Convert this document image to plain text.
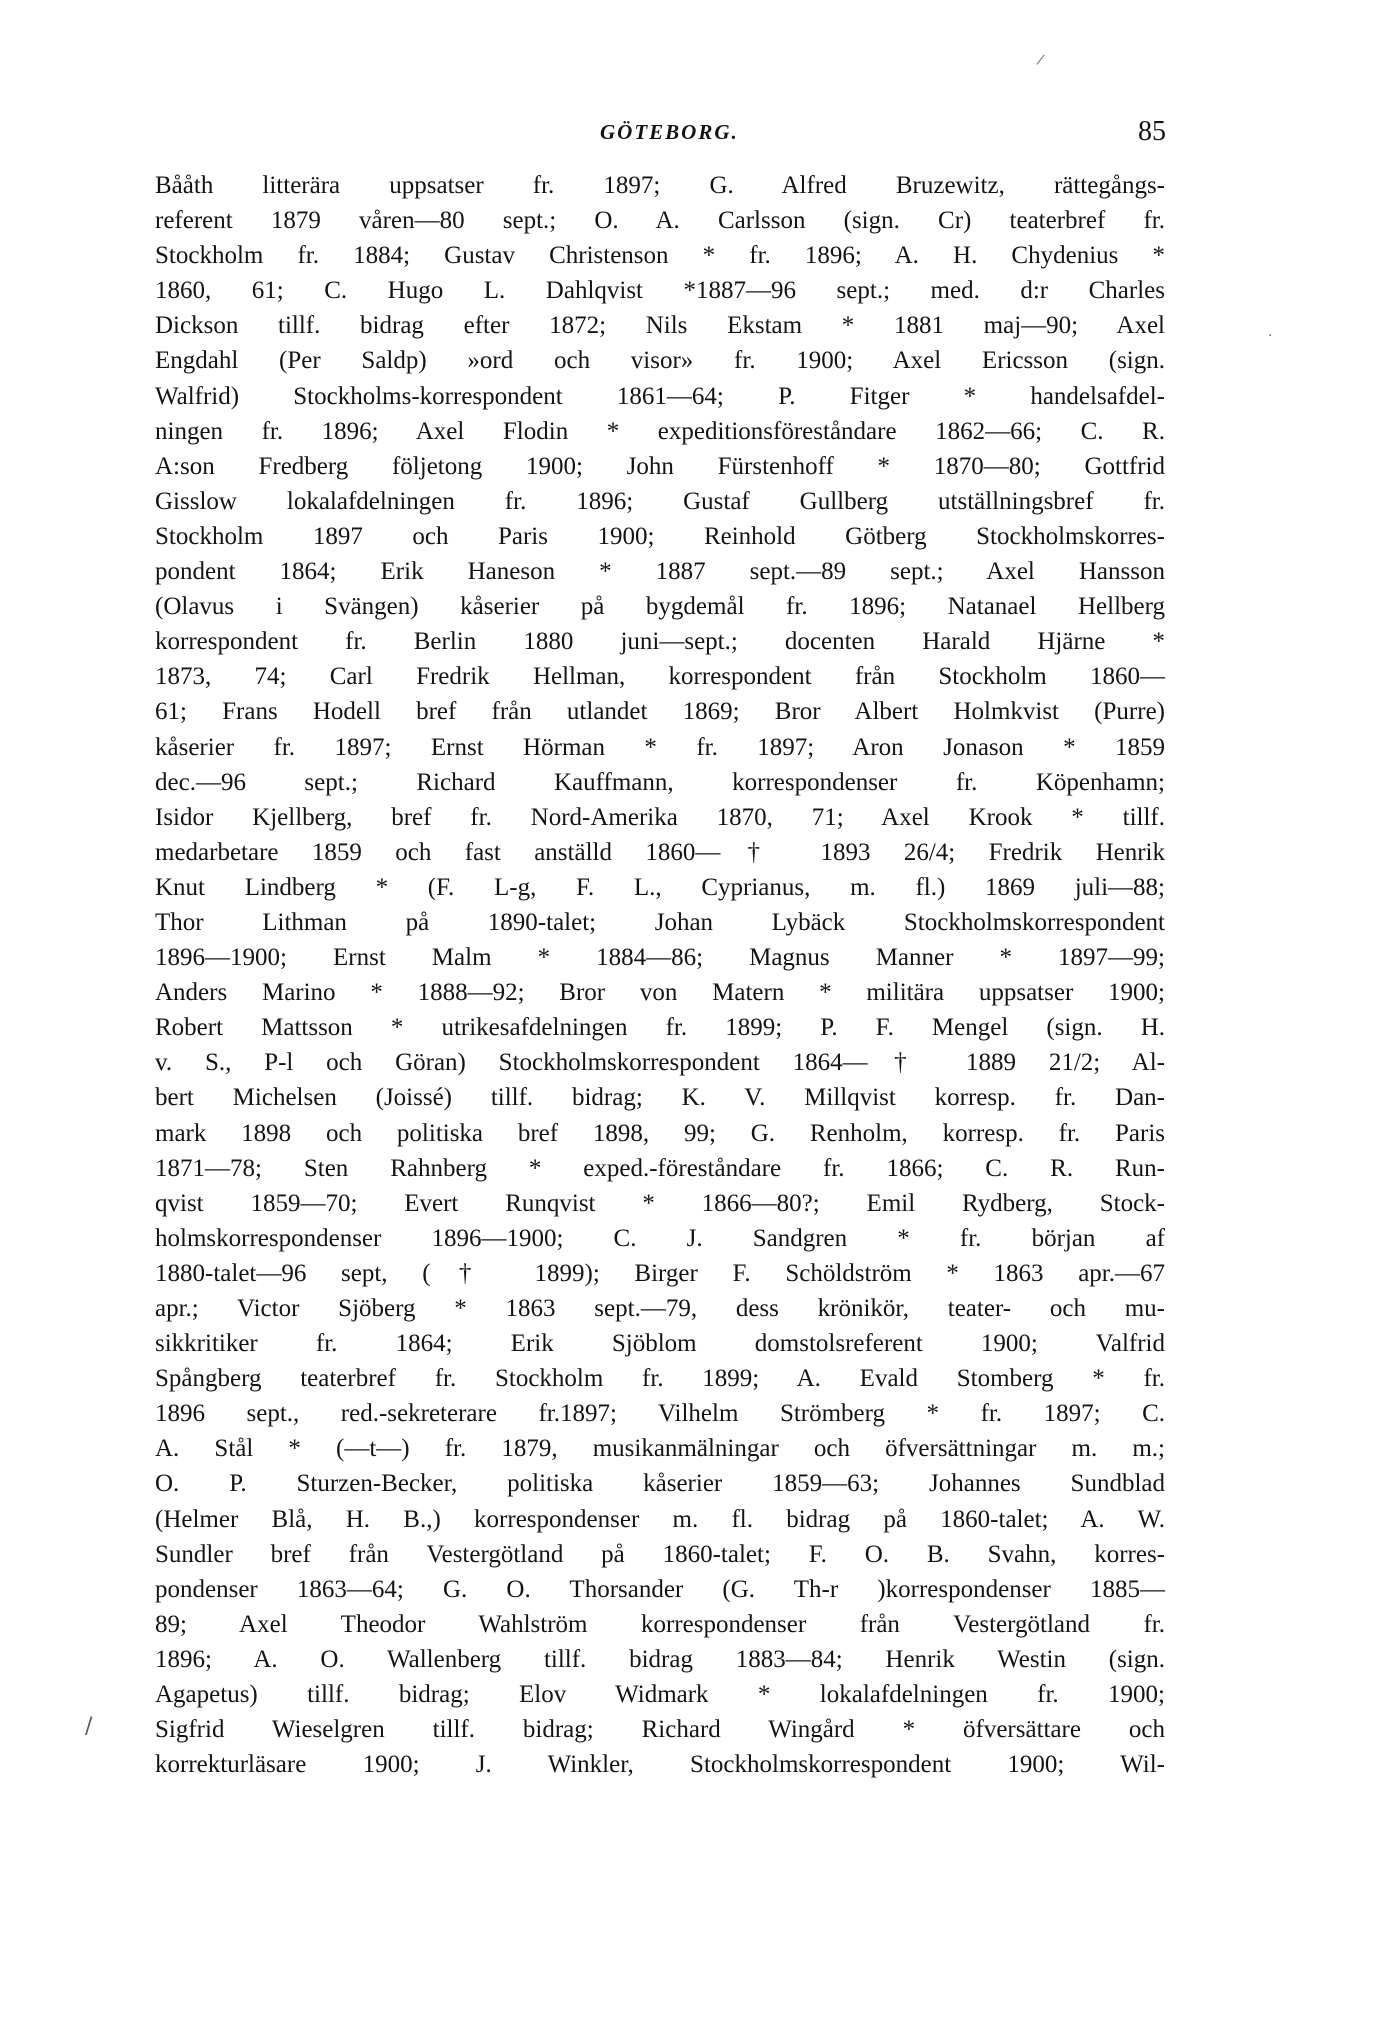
/
.
/
GÖTEBORG.	85
Bååth litterära uppsatser fr. 1897; G. Alfred Bruzewitz, rättegångs-
referent 1879 våren—80 sept.; O. A. Carlsson (sign. Cr) teaterbref fr.
Stockholm fr. 1884; Gustav Christenson * fr. 1896; A. H. Chydenius *
1860, 61; C. Hugo L. Dahlqvist *1887—96 sept.; med. d:r Charles
Dickson tillf. bidrag efter 1872; Nils Ekstam * 1881 maj—90; Axel
Engdahl (Per Saldp) »ord och visor» fr. 1900; Axel Ericsson (sign.
Walfrid) Stockholms-korrespondent 1861—64; P. Fitger * handelsafdel-
ningen fr. 1896; Axel Flodin * expeditionsföreståndare 1862—66; C. R.
A:son Fredberg följetong 1900; John Fürstenhoff * 1870—80; Gottfrid
Gisslow lokalafdelningen fr. 1896; Gustaf Gullberg utställningsbref fr.
Stockholm 1897 och Paris 1900; Reinhold Götberg Stockholmskorres-
pondent 1864; Erik Haneson * 1887 sept.—89 sept.; Axel Hansson
(Olavus i Svängen) kåserier på bygdemål fr. 1896; Natanael Hellberg
korrespondent fr. Berlin 1880 juni—sept.; docenten Harald Hjärne *
1873, 74; Carl Fredrik Hellman, korrespondent från Stockholm 1860—
61; Frans Hodell bref från utlandet 1869; Bror Albert Holmkvist (Purre)
kåserier fr. 1897; Ernst Hörman * fr. 1897; Aron Jonason * 1859
dec.—96 sept.; Richard Kauffmann, korrespondenser fr. Köpenhamn;
Isidor Kjellberg, bref fr. Nord-Amerika 1870, 71; Axel Krook * tillf.
medarbetare 1859 och fast anställd 1860—† 1893 26/4; Fredrik Henrik
Knut Lindberg * (F. L-g, F. L., Cyprianus, m. fl.) 1869 juli—88;
Thor Lithman på 1890-talet; Johan Lybäck Stockholmskorrespondent
1896—1900; Ernst Malm * 1884—86; Magnus Manner * 1897—99;
Anders Marino * 1888—92; Bror von Matern * militära uppsatser 1900;
Robert Mattsson * utrikesafdelningen fr. 1899; P. F. Mengel (sign. H.
v. S., P-l och Göran) Stockholmskorrespondent 1864—† 1889 21/2; Al-
bert Michelsen (Joissé) tillf. bidrag; K. V. Millqvist korresp. fr. Dan-
mark 1898 och politiska bref 1898, 99; G. Renholm, korresp. fr. Paris
1871—78; Sten Rahnberg * exped.-föreståndare fr. 1866; C. R. Run-
qvist 1859—70; Evert Runqvist * 1866—80?; Emil Rydberg, Stock-
holmskorrespondenser 1896—1900; C. J. Sandgren * fr. början af
1880-talet—96 sept, († 1899); Birger F. Schöldström * 1863 apr.—67
apr.; Victor Sjöberg * 1863 sept.—79, dess krönikör, teater- och mu-
sikkritiker fr. 1864; Erik Sjöblom domstolsreferent 1900; Valfrid
Spångberg teaterbref fr. Stockholm fr. 1899; A. Evald Stomberg * fr.
1896 sept., red.-sekreterare fr.1897; Vilhelm Strömberg * fr. 1897; C.
A. Stål * (—t—) fr. 1879, musikanmälningar och öfversättningar m. m.;
O. P. Sturzen-Becker, politiska kåserier 1859—63; Johannes Sundblad
(Helmer Blå, H. B.,) korrespondenser m. fl. bidrag på 1860-talet; A. W.
Sundler bref från Vestergötland på 1860-talet; F. O. B. Svahn, korres-
pondenser 1863—64; G. O. Thorsander (G. Th-r )korrespondenser 1885—
89; Axel Theodor Wahlström korrespondenser från Vestergötland fr.
1896; A. O. Wallenberg tillf. bidrag 1883—84; Henrik Westin (sign.
Agapetus) tillf. bidrag; Elov Widmark * lokalafdelningen fr. 1900;
Sigfrid Wieselgren tillf. bidrag; Richard Wingård * öfversättare och
korrekturläsare 1900; J. Winkler, Stockholmskorrespondent 1900; Wil-
